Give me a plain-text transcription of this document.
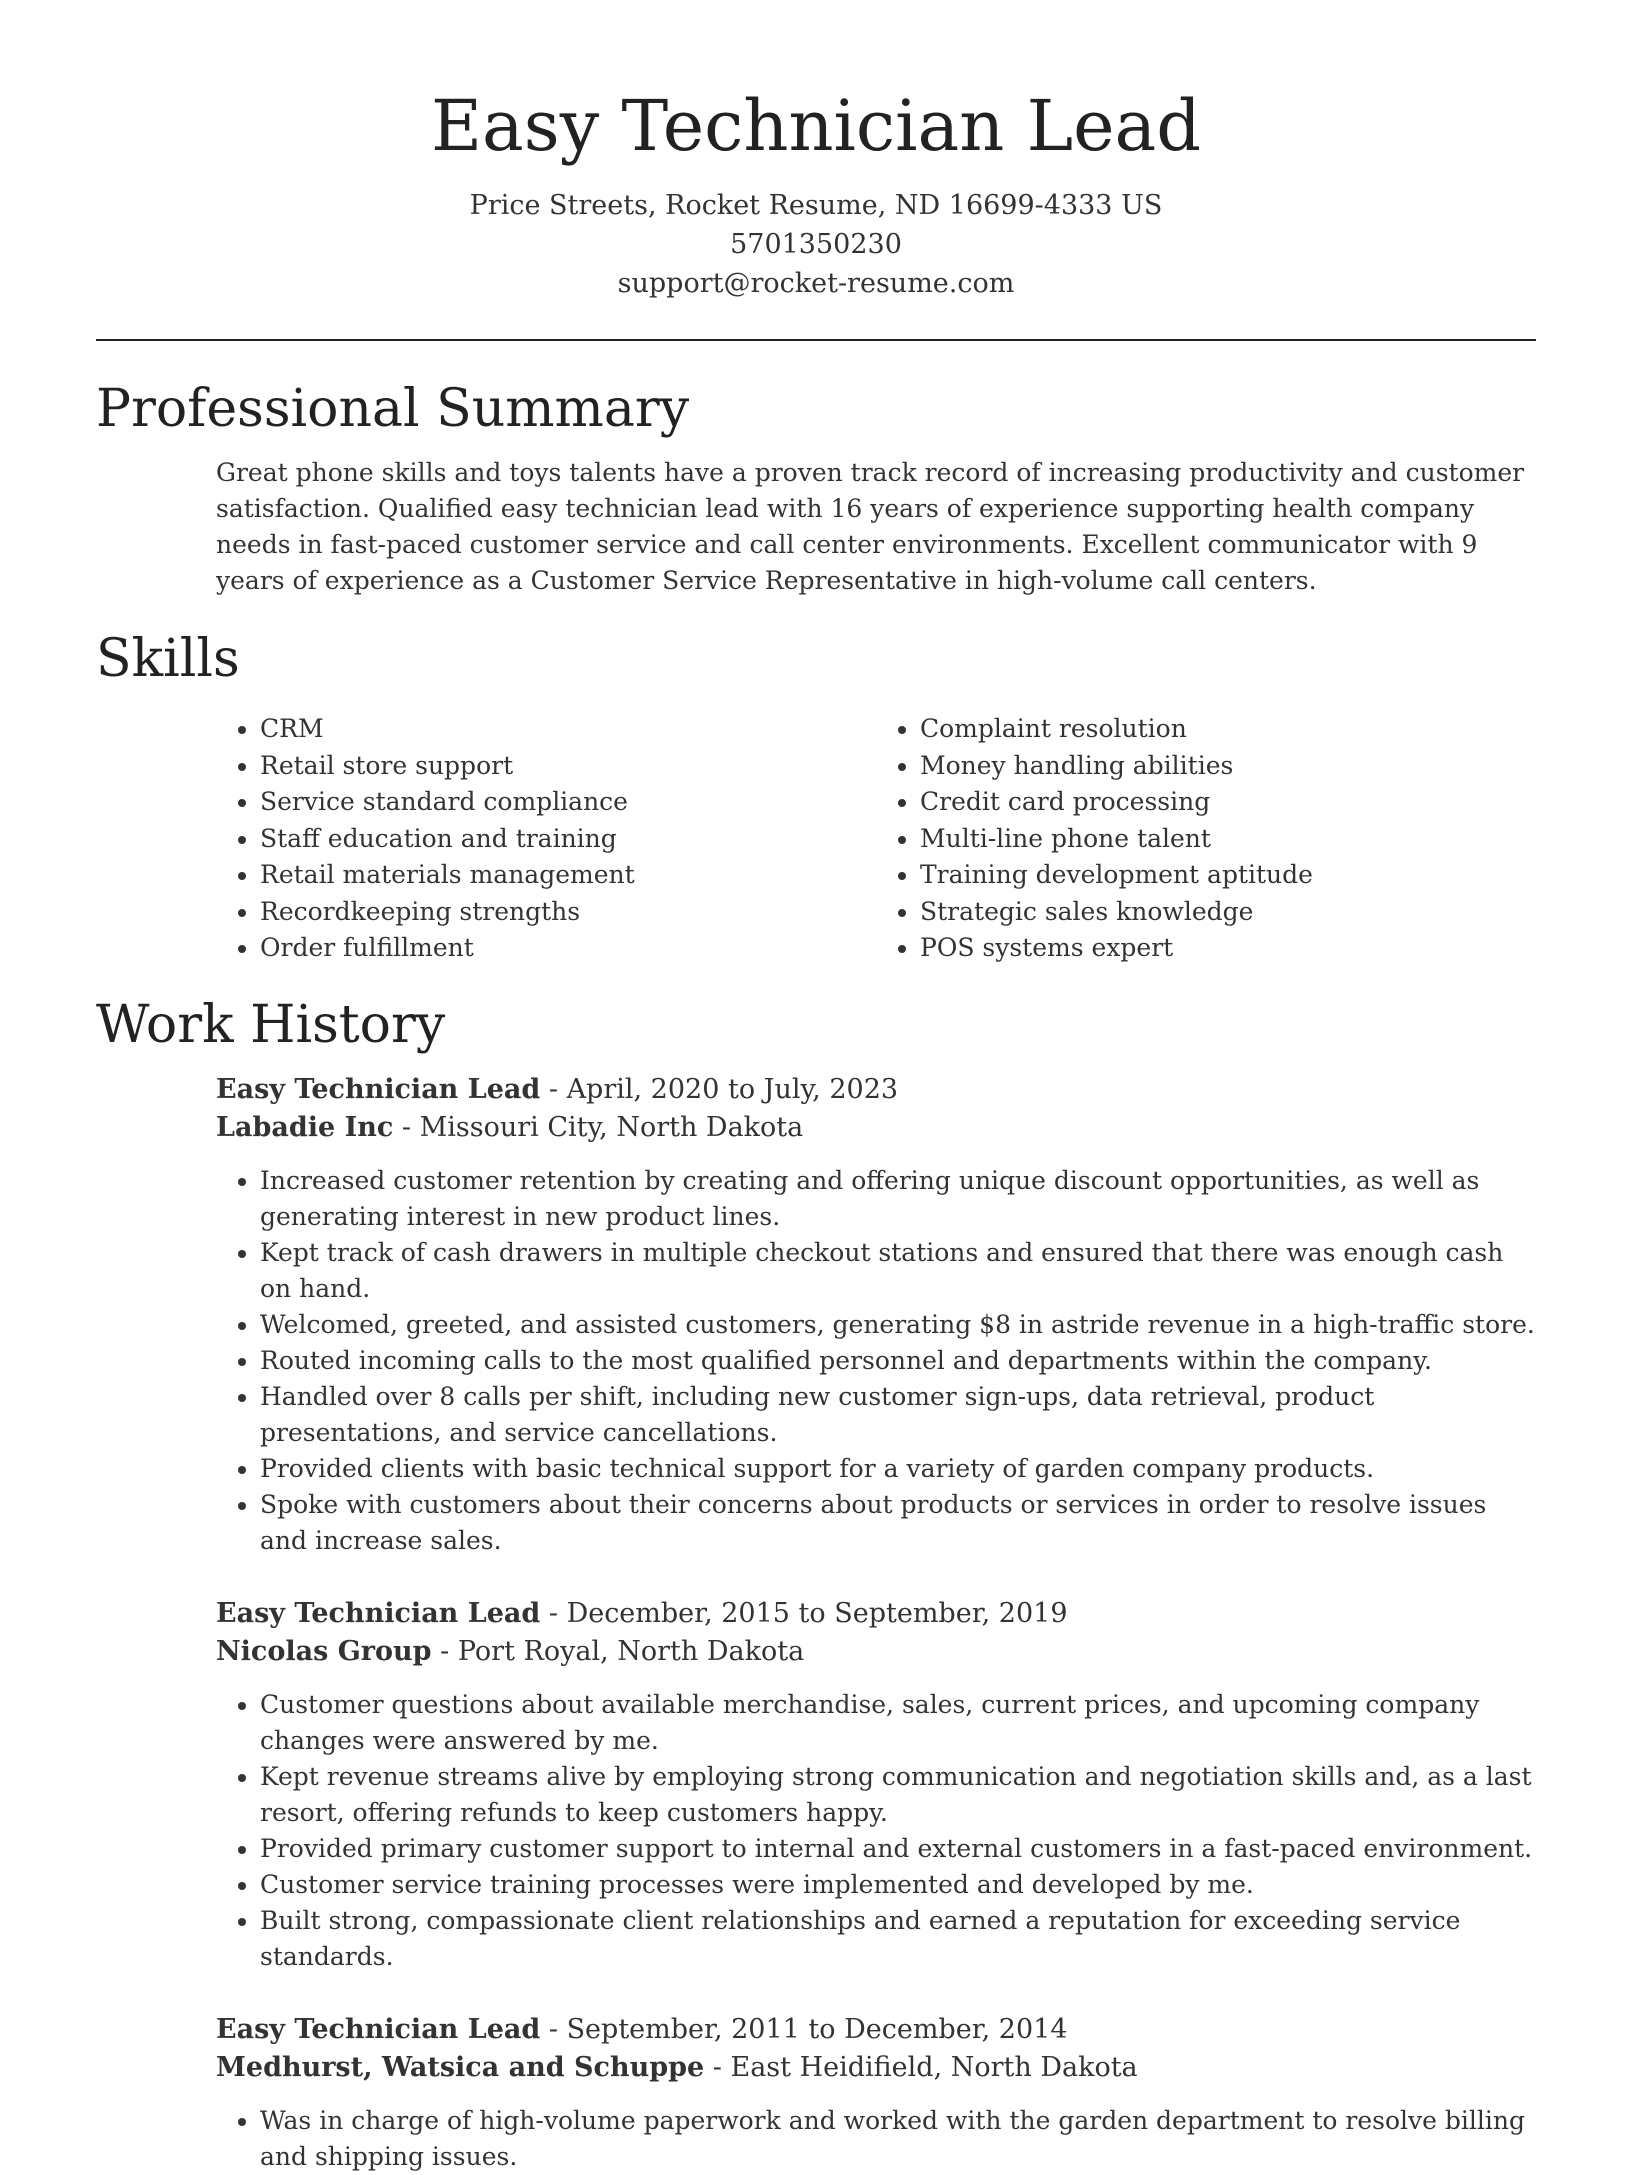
Easy Technician Lead
Price Streets, Rocket Resume, ND 16699-4333 US
5701350230
support@rocket-resume.com
Professional Summary

Great phone skills and toys talents have a proven track record of increasing productivity and customer satisfaction. Qualified easy technician lead with 16 years of experience supporting health company needs in fast-paced customer service and call center environments. Excellent communicator with 9 years of experience as a Customer Service Representative in high-volume call centers.

Skills
• CRM
• Retail store support
• Service standard compliance
• Staff education and training
• Retail materials management
• Recordkeeping strengths
• Order fulfillment
• Complaint resolution
• Money handling abilities
• Credit card processing
• Multi-line phone talent
• Training development aptitude
• Strategic sales knowledge
• POS systems expert
Work History
Easy Technician Lead - April, 2020 to July, 2023
Labadie Inc - Missouri City, North Dakota
• Increased customer retention by creating and offering unique discount opportunities, as well as generating interest in new product lines.
• Kept track of cash drawers in multiple checkout stations and ensured that there was enough cash on hand.
• Welcomed, greeted, and assisted customers, generating $8 in astride revenue in a high-traffic store.
• Routed incoming calls to the most qualified personnel and departments within the company.
• Handled over 8 calls per shift, including new customer sign-ups, data retrieval, product presentations, and service cancellations.
• Provided clients with basic technical support for a variety of garden company products.
• Spoke with customers about their concerns about products or services in order to resolve issues and increase sales.
Easy Technician Lead - December, 2015 to September, 2019
Nicolas Group - Port Royal, North Dakota
• Customer questions about available merchandise, sales, current prices, and upcoming company changes were answered by me.
• Kept revenue streams alive by employing strong communication and negotiation skills and, as a last resort, offering refunds to keep customers happy.
• Provided primary customer support to internal and external customers in a fast-paced environment.
• Customer service training processes were implemented and developed by me.
• Built strong, compassionate client relationships and earned a reputation for exceeding service standards.
Easy Technician Lead - September, 2011 to December, 2014
Medhurst, Watsica and Schuppe - East Heidifield, North Dakota
• Was in charge of high-volume paperwork and worked with the garden department to resolve billing and shipping issues.
